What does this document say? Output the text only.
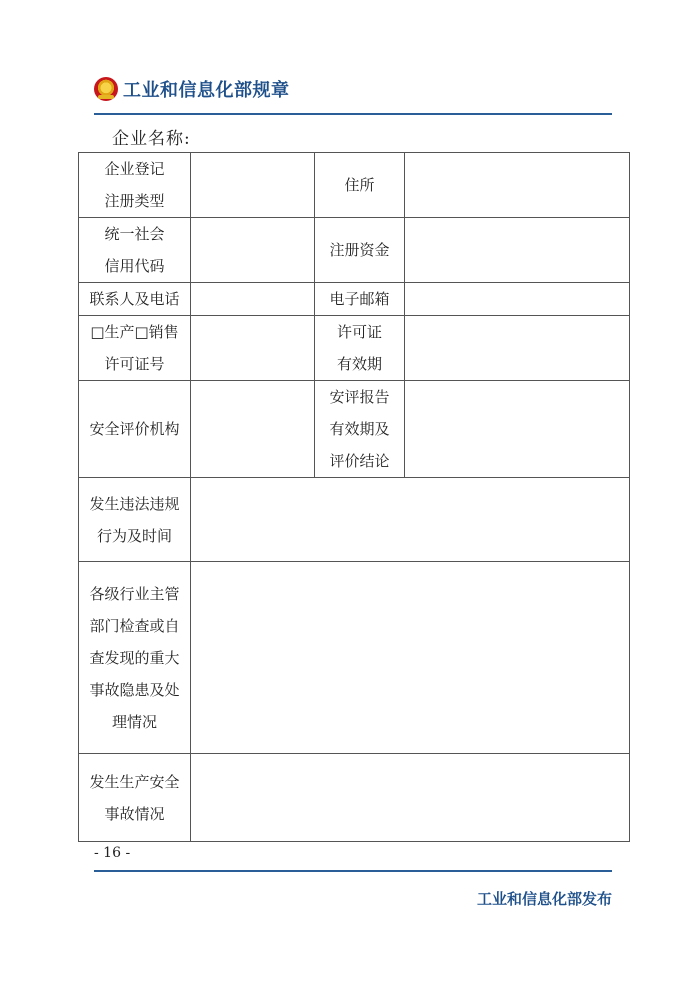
工业和信息化部规章
企业名称:
企业登记
注册类型		住所	
统一社会
信用代码		注册资金	
联系人及电话		电子邮箱	
□生产□销售
许可证号		许可证
有效期	
安全评价机构		安评报告
有效期及
评价结论	
发生违法违规
行为及时间			
各级行业主管
部门检查或自
查发现的重大
事故隐患及处
理情况			
发生生产安全
事故情况			
- 16 -
工业和信息化部发布
